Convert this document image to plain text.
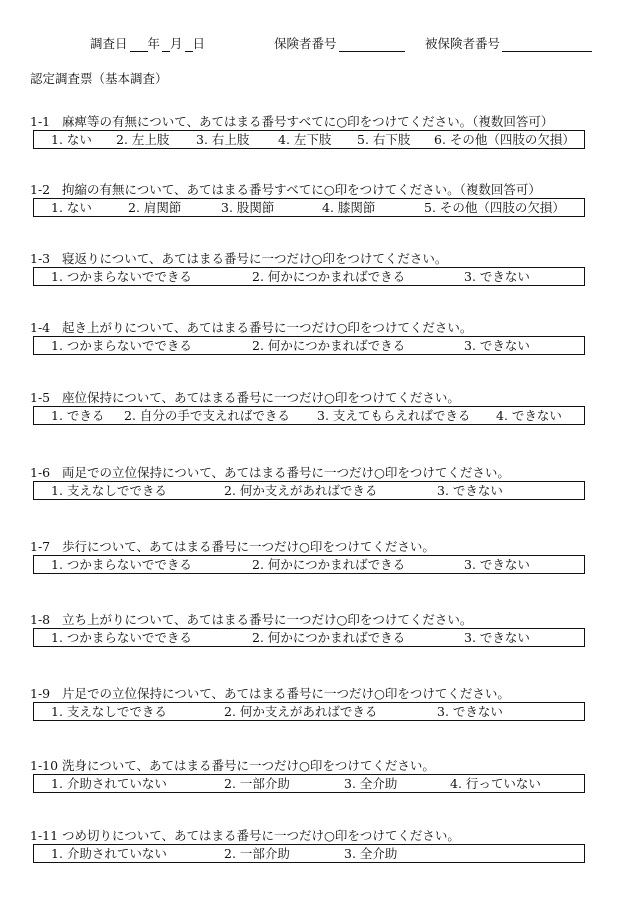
調査日 年 月 日	保険者番号	被保険者番号
認定調査票（基本調査）
1-1 麻痺等の有無について、あてはまる番号すべてに○印をつけてください。（複数回答可）
1. ない 2. 左上肢 3. 右上肢 4. 左下肢 5. 右下肢 6. その他（四肢の欠損）
1-2 拘縮の有無について、あてはまる番号すべてに○印をつけてください。（複数回答可）
1. ない	2. 肩関節	3. 股関節	4. 膝関節	5. その他（四肢の欠損）
1-3 寝返りについて、あてはまる番号に一つだけ○印をつけてください。
1. つかまらないでできる	2. 何かにつかまればできる	3. できない
1-4 起き上がりについて、あてはまる番号に一つだけ○印をつけてください。
1. つかまらないでできる	2. 何かにつかまればできる	3. できない
1-5 座位保持について、あてはまる番号に一つだけ○印をつけてください。
1. できる 2. 自分の手で支えればできる 3. 支えてもらえればできる 4. できない
1-6 両足での立位保持について、あてはまる番号に一つだけ○印をつけてください。
1. 支えなしでできる	2. 何か支えがあればできる	3. できない
1-7 歩行について、あてはまる番号に一つだけ○印をつけてください。
1. つかまらないでできる	2. 何かにつかまればできる	3. できない
1-8 立ち上がりについて、あてはまる番号に一つだけ○印をつけてください。
1. つかまらないでできる	2. 何かにつかまればできる	3. できない
1-9 片足での立位保持について、あてはまる番号に一つだけ○印をつけてください。
1. 支えなしでできる	2. 何か支えがあればできる	3. できない
1-10 洗身について、あてはまる番号に一つだけ○印をつけてください。
1. 介助されていない	2. 一部介助	3. 全介助	4. 行っていない
1-11 つめ切りについて、あてはまる番号に一つだけ○印をつけてください。
1. 介助されていない	2. 一部介助	3. 全介助
